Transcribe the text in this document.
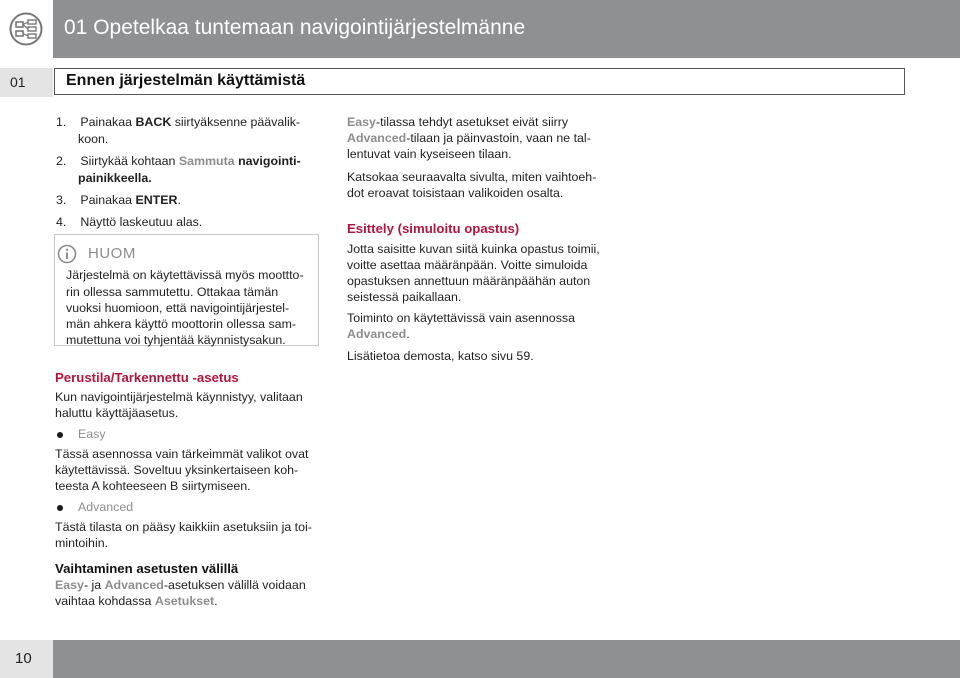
01 Opetelkaa tuntemaan navigointijärjestelmänne
01	Ennen järjestelmän käyttämistä
1. Painakaa BACK siirtyäksenne päävalik-
koon.
2. Siirtykää kohtaan Sammuta navigointi-
painikkeella.
3. Painakaa ENTER.
4. Näyttö laskeutuu alas.
HUOM
Järjestelmä on käytettävissä myös moottto-
rin ollessa sammutettu. Ottakaa tämän
vuoksi huomioon, että navigointijärjestel-
män ahkera käyttö moottorin ollessa sam-
mutettuna voi tyhjentää käynnistysakun.
Perustila/Tarkennettu -asetus
Kun navigointijärjestelmä käynnistyy, valitaan
haluttu käyttäjäasetus.
Easy
Tässä asennossa vain tärkeimmät valikot ovat
käytettävissä. Soveltuu yksinkertaiseen koh-
teesta A kohteeseen B siirtymiseen.
Advanced
Tästä tilasta on pääsy kaikkiin asetuksiin ja toi-
mintoihin.
Vaihtaminen asetusten välillä
Easy- ja Advanced-asetuksen välillä voidaan
vaihtaa kohdassa Asetukset.
Easy-tilassa tehdyt asetukset eivät siirry
Advanced-tilaan ja päinvastoin, vaan ne tal-
lentuvat vain kyseiseen tilaan.
Katsokaa seuraavalta sivulta, miten vaihtoeh-
dot eroavat toisistaan valikoiden osalta.
Esittely (simuloitu opastus)
Jotta saisitte kuvan siitä kuinka opastus toimii,
voitte asettaa määränpään. Voitte simuloida
opastuksen annettuun määränpäähän auton
seistessä paikallaan.
Toiminto on käytettävissä vain asennossa
Advanced.
Lisätietoa demosta, katso sivu 59.
10
